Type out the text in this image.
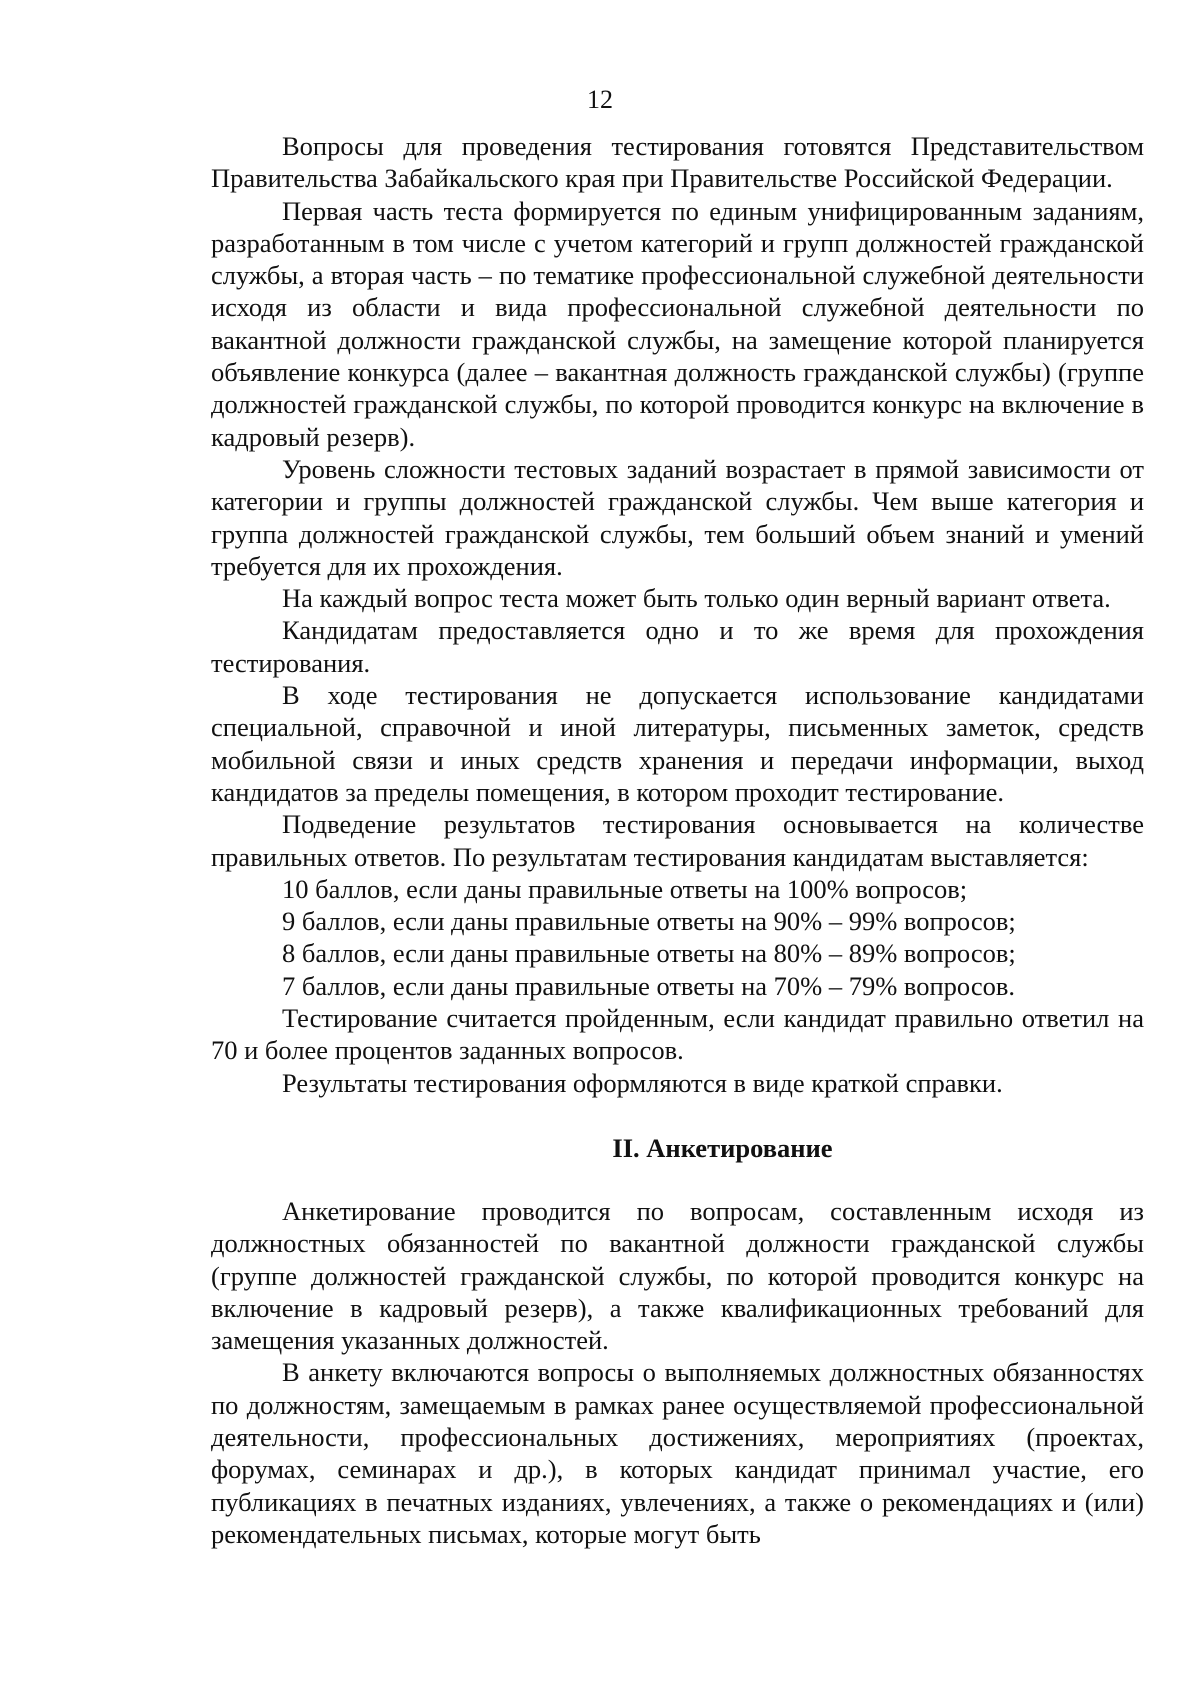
12

Вопросы для проведения тестирования готовятся Представительством Правительства Забайкальского края при Правительстве Российской Федерации.

Первая часть теста формируется по единым унифицированным заданиям, разработанным в том числе с учетом категорий и групп должностей гражданской службы, а вторая часть – по тематике профессиональной служебной деятельности исходя из области и вида профессиональной служебной деятельности по вакантной должности гражданской службы, на замещение которой планируется объявление конкурса (далее – вакантная должность гражданской службы) (группе должностей гражданской службы, по которой проводится конкурс на включение в кадровый резерв).

Уровень сложности тестовых заданий возрастает в прямой зависимости от категории и группы должностей гражданской службы. Чем выше категория и группа должностей гражданской службы, тем больший объем знаний и умений требуется для их прохождения.

На каждый вопрос теста может быть только один верный вариант ответа.

Кандидатам предоставляется одно и то же время для прохождения тестирования.

В ходе тестирования не допускается использование кандидатами специальной, справочной и иной литературы, письменных заметок, средств мобильной связи и иных средств хранения и передачи информации, выход кандидатов за пределы помещения, в котором проходит тестирование.

Подведение результатов тестирования основывается на количестве правильных ответов. По результатам тестирования кандидатам выставляется:

10 баллов, если даны правильные ответы на 100% вопросов;

9 баллов, если даны правильные ответы на 90% – 99% вопросов;

8 баллов, если даны правильные ответы на 80% – 89% вопросов;

7 баллов, если даны правильные ответы на 70% – 79% вопросов.

Тестирование считается пройденным, если кандидат правильно ответил на 70 и более процентов заданных вопросов.

Результаты тестирования оформляются в виде краткой справки.

II. Анкетирование

Анкетирование проводится по вопросам, составленным исходя из должностных обязанностей по вакантной должности гражданской службы (группе должностей гражданской службы, по которой проводится конкурс на включение в кадровый резерв), а также квалификационных требований для замещения указанных должностей.

В анкету включаются вопросы о выполняемых должностных обязанностях по должностям, замещаемым в рамках ранее осуществляемой профессиональной деятельности, профессиональных достижениях, мероприятиях (проектах, форумах, семинарах и др.), в которых кандидат принимал участие, его публикациях в печатных изданиях, увлечениях, а также о рекомендациях и (или) рекомендательных письмах, которые могут быть
